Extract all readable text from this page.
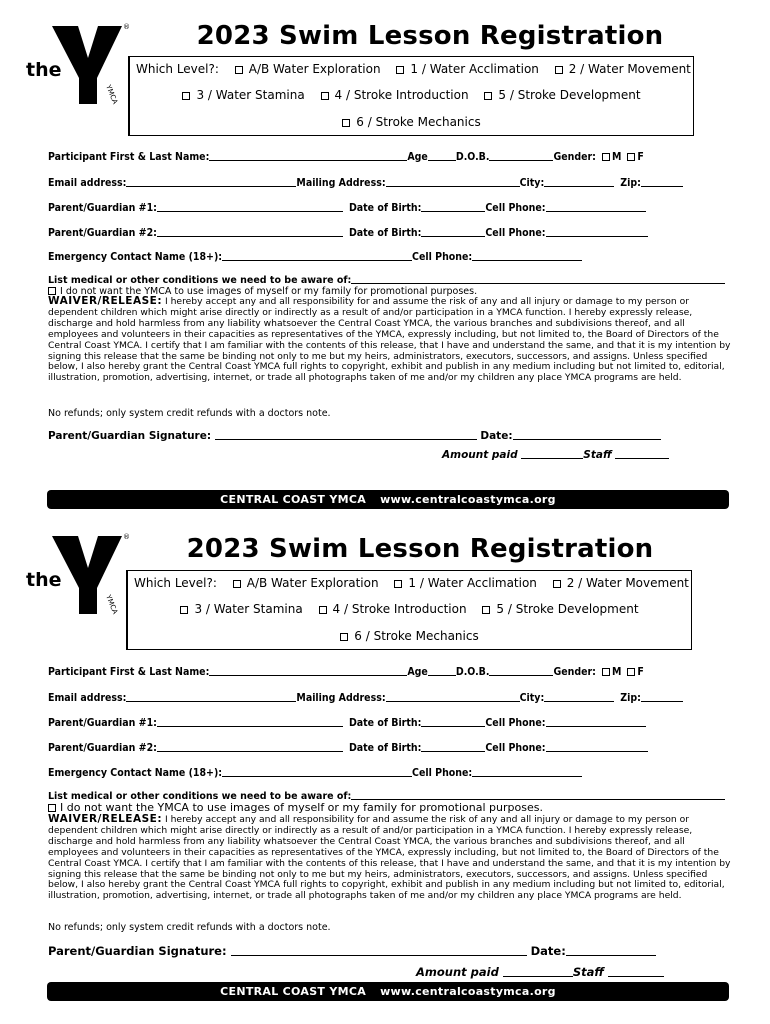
®
the
YMCA
2023 Swim Lesson Registration
Which Level?: A/B Water Exploration 1 / Water Acclimation 2 / Water Movement
3 / Water Stamina 4 / Stroke Introduction 5 / Stroke Development
6 / Stroke Mechanics
Participant First & Last Name:	Age	D.O.B.	Gender: M F
Email address:	Mailing Address:	City:	Zip:
Parent/Guardian #1:	Date of Birth:	Cell Phone:
Parent/Guardian #2:	Date of Birth:	Cell Phone:
Emergency Contact Name (18+):	Cell Phone:
List medical or other conditions we need to be aware of:
I do not want the YMCA to use images of myself or my family for promotional purposes.
WAIVER/RELEASE: I hereby accept any and all responsibility for and assume the risk of any and all injury or damage to my person or dependent children which might arise directly or indirectly as a result of and/or participation in a YMCA function. I hereby expressly release, discharge and hold harmless from any liability whatsoever the Central Coast YMCA, the various branches and subdivisions thereof, and all employees and volunteers in their capacities as representatives of the YMCA, expressly including, but not limited to, the Board of Directors of the Central Coast YMCA. I certify that I am familiar with the contents of this release, that I have and understand the same, and that it is my intention by signing this release that the same be binding not only to me but my heirs, administrators, executors, successors, and assigns. Unless specified below, I also hereby grant the Central Coast YMCA full rights to copyright, exhibit and publish in any medium including but not limited to, editorial, illustration, promotion, advertising, internet, or trade all photographs taken of me and/or my children any place YMCA programs are held.
No refunds; only system credit refunds with a doctors note.
Parent/Guardian Signature:	Date:
Amount paid	Staff
CENTRAL COAST YMCA www.centralcoastymca.org
®
the
YMCA
2023 Swim Lesson Registration
Which Level?: A/B Water Exploration 1 / Water Acclimation 2 / Water Movement
3 / Water Stamina 4 / Stroke Introduction 5 / Stroke Development
6 / Stroke Mechanics
Participant First & Last Name:	Age	D.O.B.	Gender: M F
Email address:	Mailing Address:	City:	Zip:
Parent/Guardian #1:	Date of Birth:	Cell Phone:
Parent/Guardian #2:	Date of Birth:	Cell Phone:
Emergency Contact Name (18+):	Cell Phone:
List medical or other conditions we need to be aware of:
I do not want the YMCA to use images of myself or my family for promotional purposes.
WAIVER/RELEASE: I hereby accept any and all responsibility for and assume the risk of any and all injury or damage to my person or dependent children which might arise directly or indirectly as a result of and/or participation in a YMCA function. I hereby expressly release, discharge and hold harmless from any liability whatsoever the Central Coast YMCA, the various branches and subdivisions thereof, and all employees and volunteers in their capacities as representatives of the YMCA, expressly including, but not limited to, the Board of Directors of the Central Coast YMCA. I certify that I am familiar with the contents of this release, that I have and understand the same, and that it is my intention by signing this release that the same be binding not only to me but my heirs, administrators, executors, successors, and assigns. Unless specified below, I also hereby grant the Central Coast YMCA full rights to copyright, exhibit and publish in any medium including but not limited to, editorial, illustration, promotion, advertising, internet, or trade all photographs taken of me and/or my children any place YMCA programs are held.
No refunds; only system credit refunds with a doctors note.
Parent/Guardian Signature:	Date:
Amount paid	Staff
CENTRAL COAST YMCA www.centralcoastymca.org
